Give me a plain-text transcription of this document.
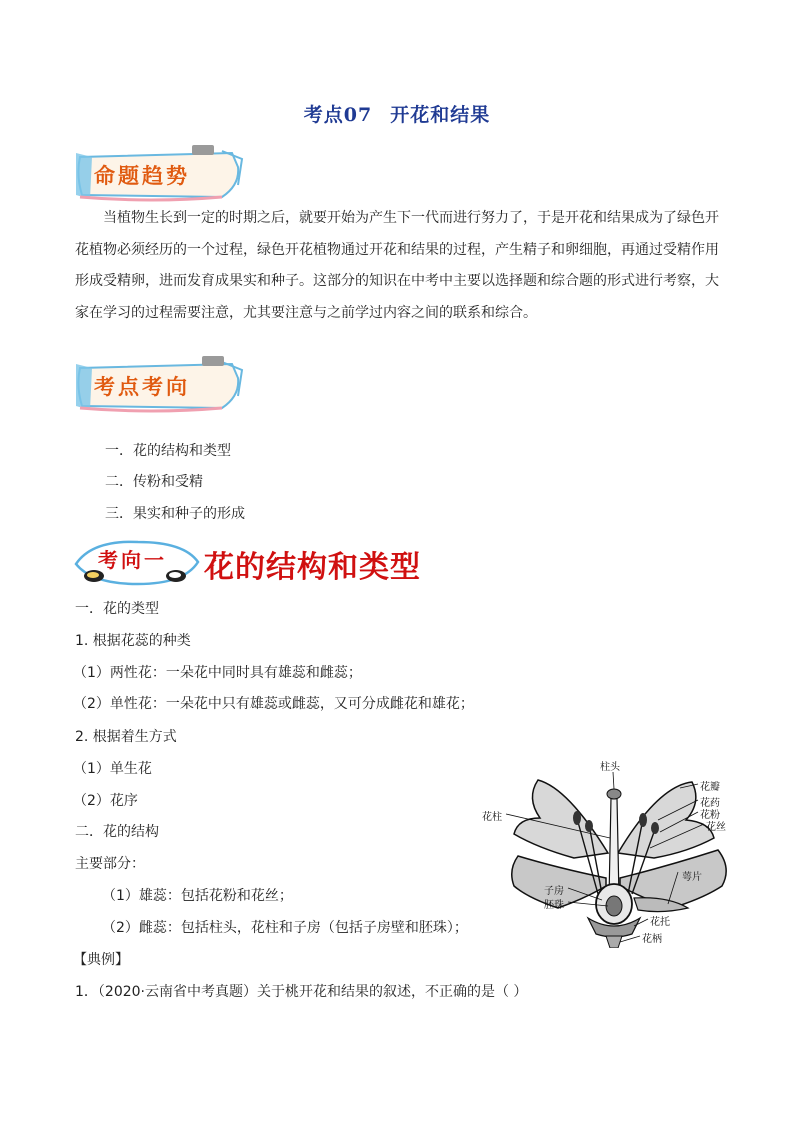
考点07 开花和结果
命题趋势
当植物生长到一定的时期之后，就要开始为产生下一代而进行努力了，于是开花和结果成为了绿色开
花植物必须经历的一个过程，绿色开花植物通过开花和结果的过程，产生精子和卵细胞，再通过受精作用
形成受精卵，进而发育成果实和种子。这部分的知识在中考中主要以选择题和综合题的形式进行考察，大
家在学习的过程需要注意，尤其要注意与之前学过内容之间的联系和综合。
考点考向
一．花的结构和类型
二．传粉和受精
三．果实和种子的形成
考向一 花的结构和类型
一．花的类型
1. 根据花蕊的种类
（1）两性花：一朵花中同时具有雄蕊和雌蕊；
（2）单性花：一朵花中只有雄蕊或雌蕊，又可分成雌花和雄花；
2. 根据着生方式
（1）单生花
（2）花序
二．花的结构
主要部分：
（1）雄蕊：包括花粉和花丝；
（2）雌蕊：包括柱头，花柱和子房（包括子房壁和胚珠）；
【典例】
1．（2020·云南省中考真题）关于桃开花和结果的叙述，不正确的是（ ）
柱头
花瓣
花药
花粉
花丝
花柱
萼片
子房
胚珠
花托
花柄
